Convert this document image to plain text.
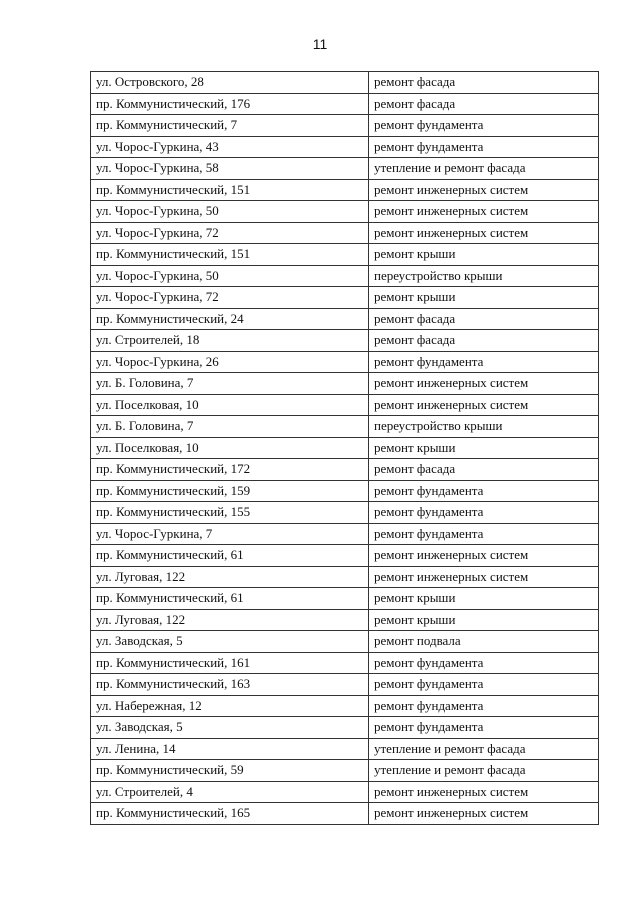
11
ул. Островского, 28	ремонт фасада
пр. Коммунистический, 176	ремонт фасада
пр. Коммунистический, 7	ремонт фундамента
ул. Чорос-Гуркина, 43	ремонт фундамента
ул. Чорос-Гуркина, 58	утепление и ремонт фасада
пр. Коммунистический, 151	ремонт инженерных систем
ул. Чорос-Гуркина, 50	ремонт инженерных систем
ул. Чорос-Гуркина, 72	ремонт инженерных систем
пр. Коммунистический, 151	ремонт крыши
ул. Чорос-Гуркина, 50	переустройство крыши
ул. Чорос-Гуркина, 72	ремонт крыши
пр. Коммунистический, 24	ремонт фасада
ул. Строителей, 18	ремонт фасада
ул. Чорос-Гуркина, 26	ремонт фундамента
ул. Б. Головина, 7	ремонт инженерных систем
ул. Поселковая, 10	ремонт инженерных систем
ул. Б. Головина, 7	переустройство крыши
ул. Поселковая, 10	ремонт крыши
пр. Коммунистический, 172	ремонт фасада
пр. Коммунистический, 159	ремонт фундамента
пр. Коммунистический, 155	ремонт фундамента
ул. Чорос-Гуркина, 7	ремонт фундамента
пр. Коммунистический, 61	ремонт инженерных систем
ул. Луговая, 122	ремонт инженерных систем
пр. Коммунистический, 61	ремонт крыши
ул. Луговая, 122	ремонт крыши
ул. Заводская, 5	ремонт подвала
пр. Коммунистический, 161	ремонт фундамента
пр. Коммунистический, 163	ремонт фундамента
ул. Набережная, 12	ремонт фундамента
ул. Заводская, 5	ремонт фундамента
ул. Ленина, 14	утепление и ремонт фасада
пр. Коммунистический, 59	утепление и ремонт фасада
ул. Строителей, 4	ремонт инженерных систем
пр. Коммунистический, 165	ремонт инженерных систем
